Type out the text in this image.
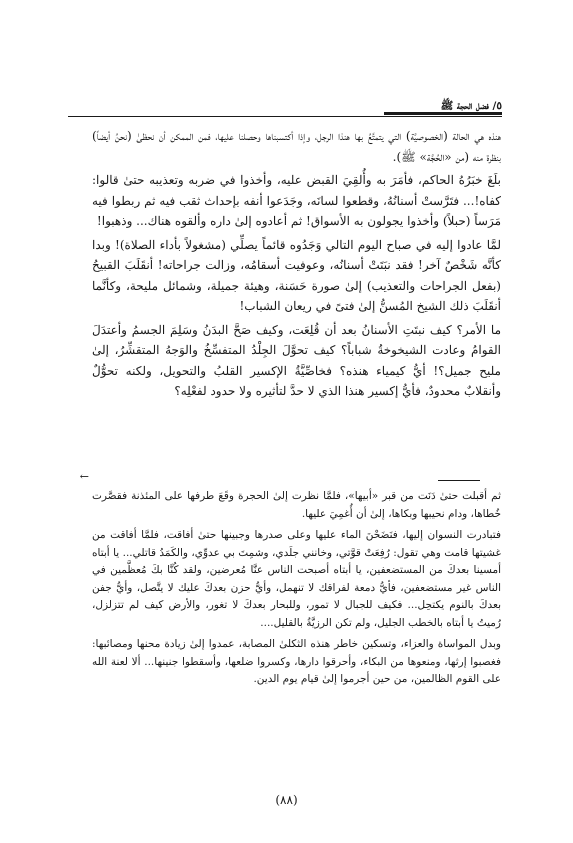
٥/ فضل الحجة ﷺ

هنذه هي الحالة (الخصوصيَّة) التي يتمتَّعُ بها هنذا الرجل، وإذا أكتسبناها وحصلنا عليها، فمن الممكن أن نحظىٰ (نحنُ أيضاً) بنظرة منه (من «الحُجَّة» ﷺ).

بلَغَ خبَرُهُ الحاكم، فأمَرَ به وأُلقِيَ القبض عليه، وأخذوا في ضربه وتعذيبه حتىٰ قالوا: كفاه!... فتَرَّستْ أسنانُهُ، وقطعوا لسانَه، وجَدَعوا أنفه بإحداث ثقب فيه ثم ربطوا فيه مَرَساً (حبلاً) وأخذوا يجولون به الأسواق! ثم أعادوه إلىٰ داره وألقوه هناك... وذهبوا!

لمَّا عادوا إليه في صباح اليوم التالي وَجَدُوه قائماً يصلِّي (مشغولاً بأداء الصلاة)! وبدا كأنَّه شَخْصٌ آخر! فقد نبَتَتْ أسنانُه، وعوفيت أسقامُه، وزالت جراحاته! أنقَلَبَ القبيحُ (بفعل الجراحات والتعذيب) إلىٰ صورة حَسَنة، وهيئة جميلة، وشمائل مليحة، وكأنَّما أنقَلَبَ ذلك الشيخ المُسنُّ إلىٰ فتىً في ريعان الشباب!

ما الأمر؟ كيف نبتَتِ الأسنانُ بعد أن قُلِعَت، وكيف صَحَّ البدَنُ وسَلِمَ الجسمُ وأعتدَلَ القوامُ وعادت الشيخوخةُ شباباً؟ كيف تحوَّلَ الجِلْدُ المتفسِّخُ والوَجهُ المتقشِّرُ، إلىٰ مليح جميل؟! أيُّ كيمياء هنذه؟ فخاصِّيَّةُ الإكسير القلبُ والتحويل، ولكنه تحوُّلٌ وأنقلابٌ محدودٌ، فأيُّ إكسير هنذا الذي لا حدَّ لتأثيره ولا حدود لفعْلِه؟

←

ثم أقبلت حتىٰ دَنَت من قبر «أبيها»، فلمَّا نظرت إلىٰ الحجرة وقَعَ طرفها على المئذنة فقصَّرت خُطاها، ودام نحيبها وبكاها، إلىٰ أن أُغمِيَ عليها.

فتبادرت النسوان إليها، فنَضَحْنَ الماء عليها وعلى صدرها وجبينها حتىٰ أفاقت، فلمَّا أفاقت من غشيتها قامت وهي تقول: رُفِعَتْ قوَّتي، وخانني جلَدي، وشمِتَ بي عدوِّي، والكَمَدُ قاتلي... يا أبتاه أمسينا بعدكَ من المستضعفين، يا أبتاه أصبحت الناس عنَّا مُعرضين، ولقد كُنَّا بكَ مُعظَّمين في الناس غير مستضعفين، فأيُّ دمعة لفراقك لا تنهمل، وأيُّ حزن بعدكَ عليك لا يتَّصل، وأيُّ جفن بعدكَ بالنوم يكتحِل... فكيف للجبال لا تمور، وللبحار بعدكَ لا تغور، والأرض كيف لم تتزلزل، رُميتُ يا أبتاه بالخطب الجليل، ولم تكن الرزيَّةُ بالقليل....

وبدل المواساة والعزاء، وتسكين خاطر هنذه الثكلىٰ المصابة، عمدوا إلىٰ زيادة محنها ومصائبها: فغصبوا إرثها، ومنعوها من البكاء، وأحرقوا دارها، وكسروا ضلعها، وأسقطوا جنينها... ألا لعنة الله على القوم الظالمين، من حين أجرموا إلىٰ قيام يوم الدين.

(٨٨)
